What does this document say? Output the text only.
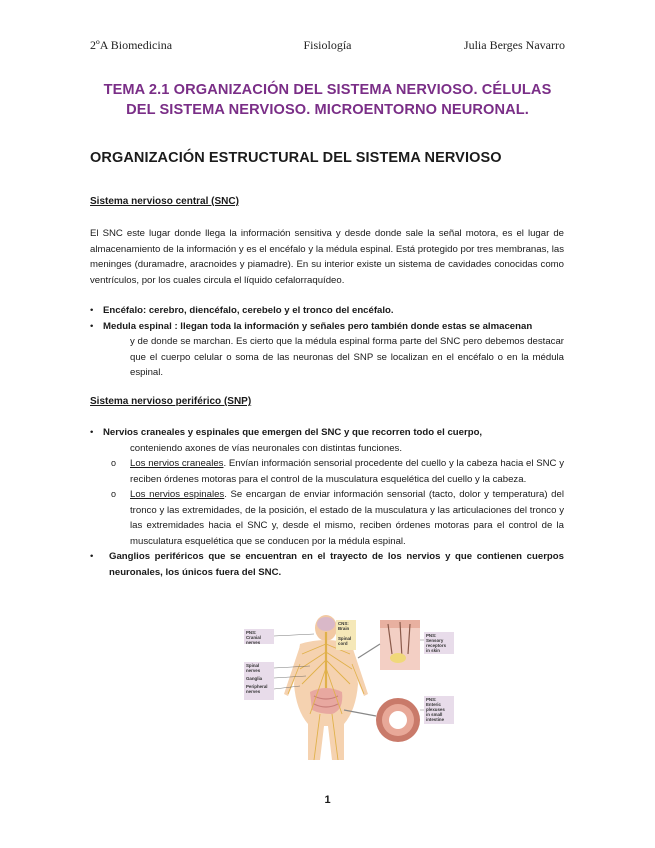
2ºA Biomedicina	Fisiología	Julia Berges Navarro
TEMA 2.1 ORGANIZACIÓN DEL SISTEMA NERVIOSO. CÉLULAS
DEL SISTEMA NERVIOSO. MICROENTORNO NEURONAL.
ORGANIZACIÓN ESTRUCTURAL DEL SISTEMA NERVIOSO
Sistema nervioso central (SNC)
El SNC este lugar donde llega la información sensitiva y desde donde sale la señal motora, es el lugar de almacenamiento de la información y es el encéfalo y la médula espinal. Está protegido por tres membranas, las meninges (duramadre, aracnoides y piamadre). En su interior existe un sistema de cavidades conocidas como ventrículos, por los cuales circula el líquido cefalorraquídeo.
•	Encéfalo: cerebro, diencéfalo, cerebelo y el tronco del encéfalo.
•	Medula espinal : llegan toda la información y señales pero también donde estas se almacenan
y de donde se marchan. Es cierto que la médula espinal forma parte del SNC pero debemos destacar que el cuerpo celular o soma de las neuronas del SNP se localizan en el encéfalo o en la médula espinal.
Sistema nervioso periférico (SNP)
•	Nervios craneales y espinales que emergen del SNC y que recorren todo el cuerpo,
conteniendo axones de vías neuronales con distintas funciones.
o Los nervios craneales. Envían información sensorial procedente del cuello y la cabeza hacia el SNC y reciben órdenes motoras para el control de la musculatura esquelética del cuello y la cabeza.
o Los nervios espinales. Se encargan de enviar información sensorial (tacto, dolor y temperatura) del tronco y las extremidades, de la posición, el estado de la musculatura y las articulaciones del tronco y las extremidades hacia el SNC y, desde el mismo, reciben órdenes motoras para el control de la musculatura esquelética que se conducen por la médula espinal.
•	Ganglios periféricos que se encuentran en el trayecto de los nervios y que contienen cuerpos neuronales, los únicos fuera del SNC.
PNS:
Cranial
nerves
Spinal
nerves
Ganglia
Peripheral
nerves
CNS:
Brain
Spinal
cord
PNS:
Sensory
receptors
in skin
PNS:
Enteric
plexuses
in small
intestine
1
